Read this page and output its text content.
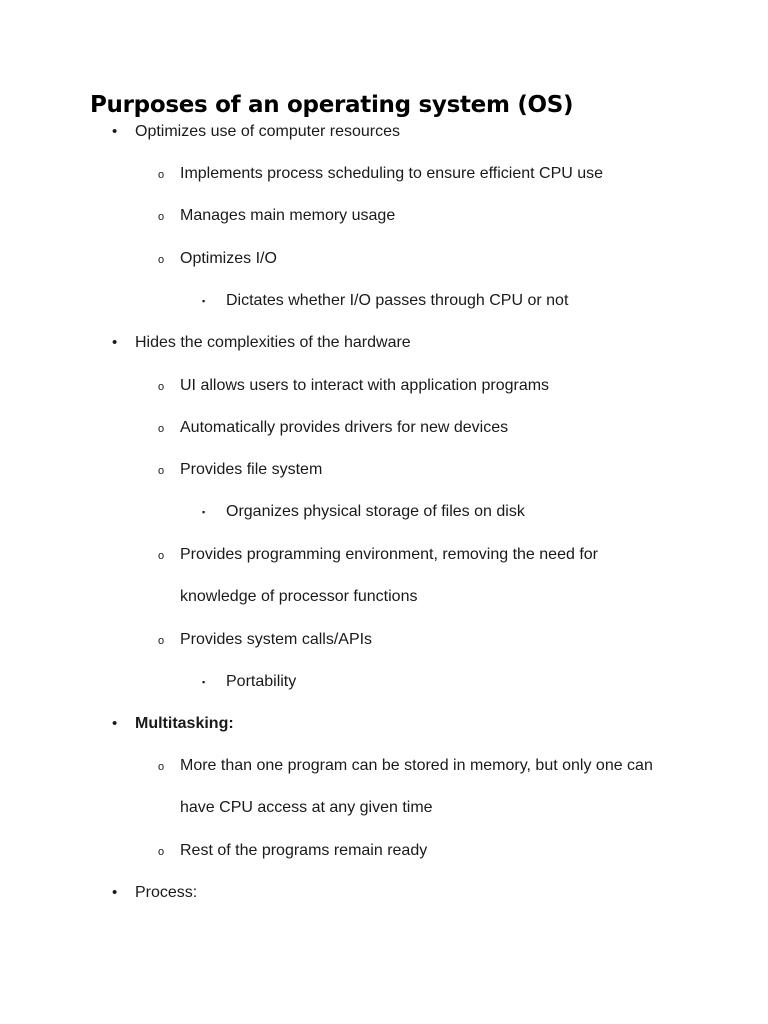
Purposes of an operating system (OS)
• Optimizes use of computer resources
o Implements process scheduling to ensure efficient CPU use
o Manages main memory usage
o Optimizes I/O
▪ Dictates whether I/O passes through CPU or not
• Hides the complexities of the hardware
o UI allows users to interact with application programs
o Automatically provides drivers for new devices
o Provides file system
▪ Organizes physical storage of files on disk
o Provides programming environment, removing the need for
knowledge of processor functions
o Provides system calls/APIs
▪ Portability
• Multitasking:
o More than one program can be stored in memory, but only one can
have CPU access at any given time
o Rest of the programs remain ready
• Process:
